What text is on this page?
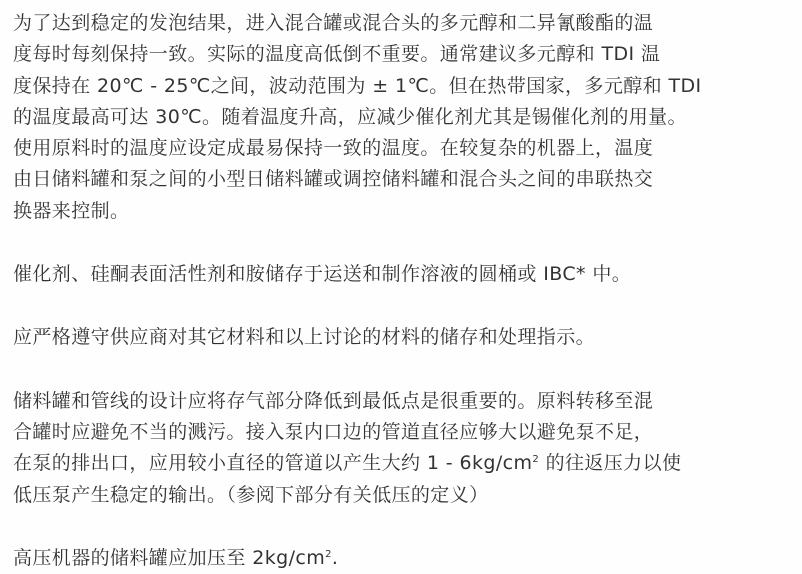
为了达到稳定的发泡结果，进入混合罐或混合头的多元醇和二异氰酸酯的温
度每时每刻保持一致。实际的温度高低倒不重要。通常建议多元醇和 TDI 温
度保持在 20℃ - 25℃之间，波动范围为 ± 1℃。但在热带国家，多元醇和 TDI
的温度最高可达 30℃。随着温度升高，应减少催化剂尤其是锡催化剂的用量。
使用原料时的温度应设定成最易保持一致的温度。在较复杂的机器上，温度
由日储料罐和泵之间的小型日储料罐或调控储料罐和混合头之间的串联热交
换器来控制。
催化剂、硅酮表面活性剂和胺储存于运送和制作溶液的圆桶或 IBC* 中。
应严格遵守供应商对其它材料和以上讨论的材料的储存和处理指示。
储料罐和管线的设计应将存气部分降低到最低点是很重要的。原料转移至混
合罐时应避免不当的溅污。接入泵内口边的管道直径应够大以避免泵不足，
在泵的排出口，应用较小直径的管道以产生大约 $1 - 6kg/cm^2$ 的往返压力以使
低压泵产生稳定的输出。（参阅下部分有关低压的定义）
高压机器的储料罐应加压至 $2kg/cm^2$.
